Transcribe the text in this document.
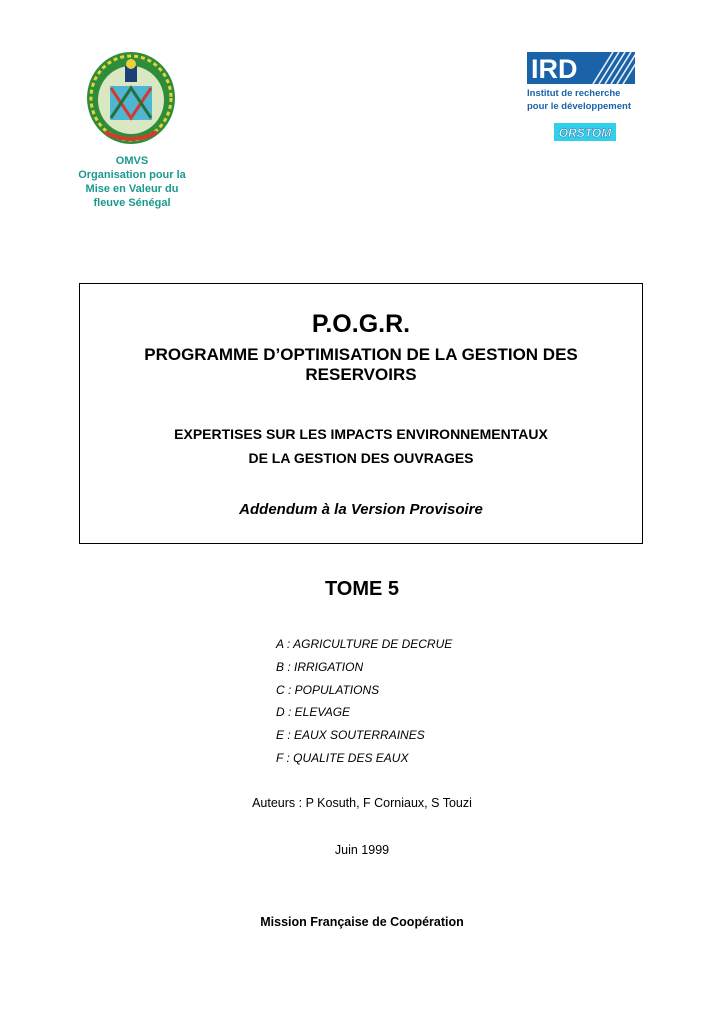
OMVS
Organisation pour la
Mise en Valeur du
fleuve Sénégal
IRD
Institut de recherche
pour le développement
ORSTOM
P.O.G.R.
PROGRAMME D’OPTIMISATION DE LA GESTION DES
RESERVOIRS
EXPERTISES SUR LES IMPACTS ENVIRONNEMENTAUX
DE LA GESTION DES OUVRAGES
Addendum à la Version Provisoire
TOME 5
A : AGRICULTURE DE DECRUE
B : IRRIGATION
C : POPULATIONS
D : ELEVAGE
E : EAUX SOUTERRAINES
F : QUALITE DES EAUX
Auteurs : P Kosuth, F Corniaux, S Touzi
Juin 1999
Mission Française de Coopération
